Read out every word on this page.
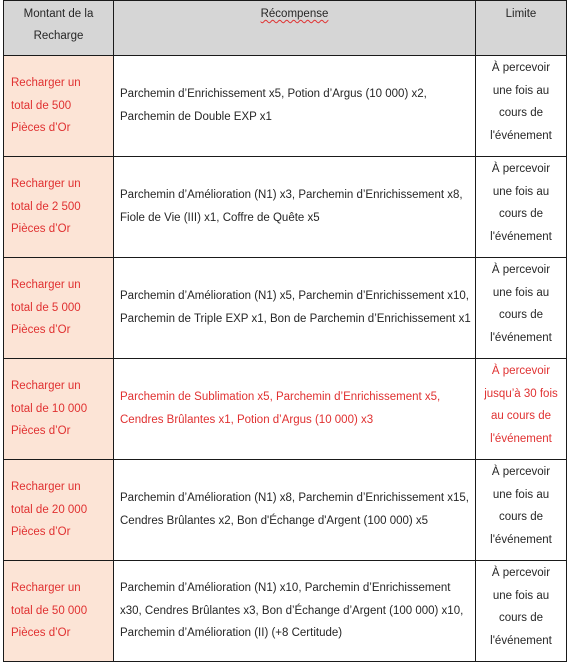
Montant de la Recharge	Récompense	Limite

Recharger un
total de 500
Pièces d’Or	Parchemin d’Enrichissement x5, Potion d’Argus (10 000) x2, Parchemin de Double EXP x1	À percevoir
une fois au
cours de
l'événement

Recharger un
total de 2 500
Pièces d’Or	Parchemin d’Amélioration (N1) x3, Parchemin d’Enrichissement x8, Fiole de Vie (III) x1, Coffre de Quête x5	À percevoir
une fois au
cours de
l'événement

Recharger un
total de 5 000
Pièces d’Or	Parchemin d’Amélioration (N1) x5, Parchemin d’Enrichissement x10, Parchemin de Triple EXP x1, Bon de Parchemin d’Enrichissement x1	À percevoir
une fois au
cours de
l'événement

Recharger un
total de 10 000
Pièces d’Or	Parchemin de Sublimation x5, Parchemin d’Enrichissement x5, Cendres Brûlantes x1, Potion d’Argus (10 000) x3	À percevoir
jusqu’à 30 fois
au cours de
l'événement

Recharger un
total de 20 000
Pièces d’Or	Parchemin d’Amélioration (N1) x8, Parchemin d’Enrichissement x15, Cendres Brûlantes x2, Bon d'Échange d'Argent (100 000) x5	À percevoir
une fois au
cours de
l'événement

Recharger un
total de 50 000
Pièces d’Or	Parchemin d’Amélioration (N1) x10, Parchemin d’Enrichissement x30, Cendres Brûlantes x3, Bon d’Échange d’Argent (100 000) x10, Parchemin d’Amélioration (II) (+8 Certitude)	À percevoir
une fois au
cours de
l'événement
